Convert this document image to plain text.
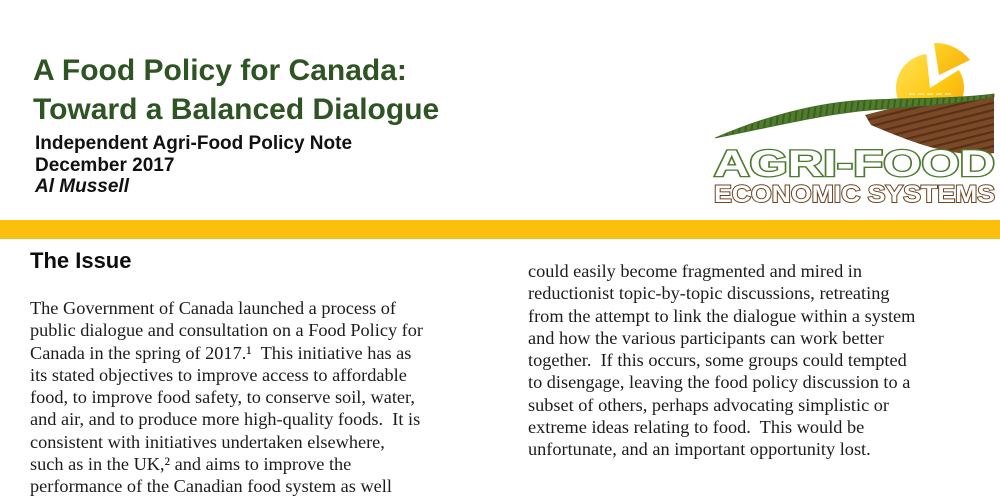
A Food Policy for Canada:
Toward a Balanced Dialogue
Independent Agri-Food Policy Note
December 2017
Al Mussell
AGRI-FOOD
ECONOMIC SYSTEMS
The Issue
The Government of Canada launched a process of
public dialogue and consultation on a Food Policy for
Canada in the spring of 2017.¹  This initiative has as
its stated objectives to improve access to affordable
food, to improve food safety, to conserve soil, water,
and air, and to produce more high-quality foods.  It is
consistent with initiatives undertaken elsewhere,
such as in the UK,² and aims to improve the
performance of the Canadian food system as well
could easily become fragmented and mired in
reductionist topic-by-topic discussions, retreating
from the attempt to link the dialogue within a system
and how the various participants can work better
together.  If this occurs, some groups could tempted
to disengage, leaving the food policy discussion to a
subset of others, perhaps advocating simplistic or
extreme ideas relating to food.  This would be
unfortunate, and an important opportunity lost.
